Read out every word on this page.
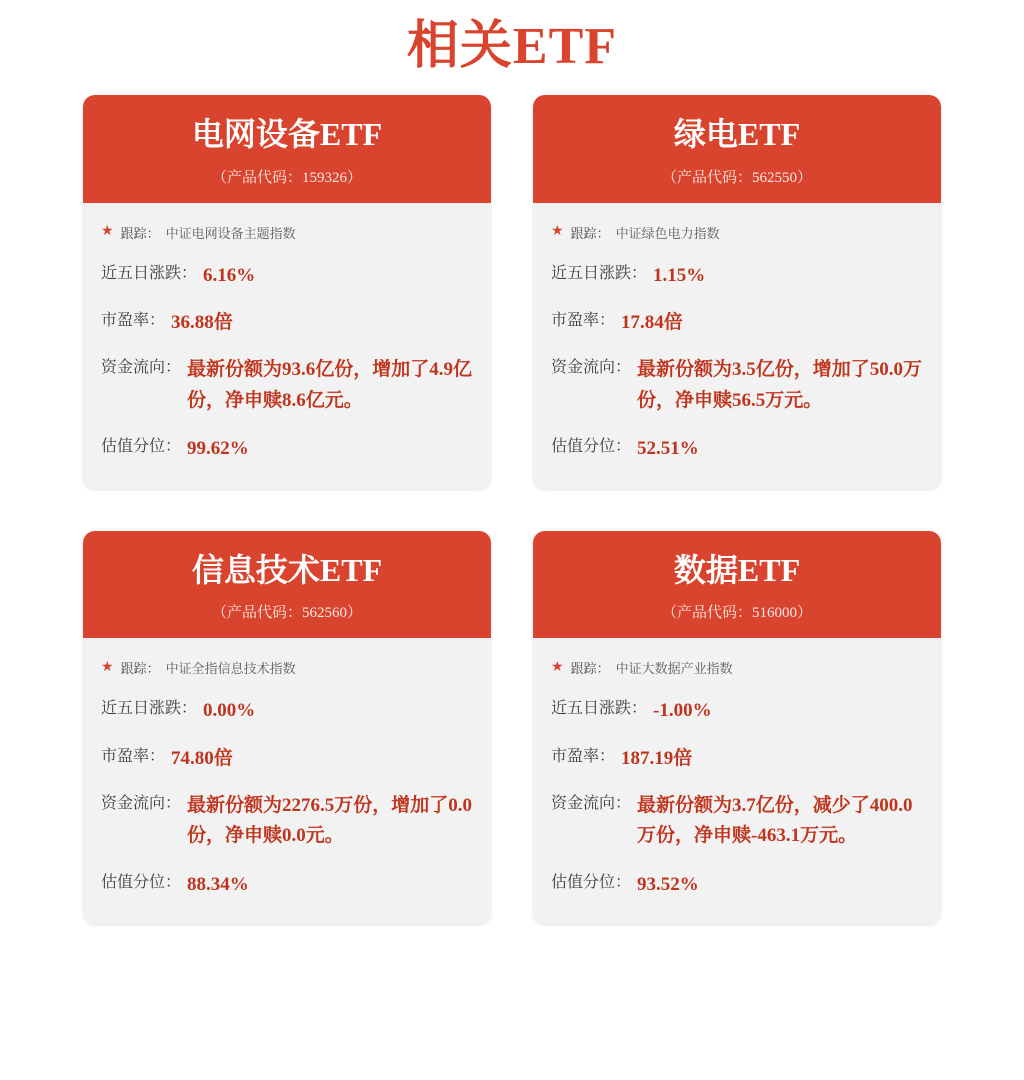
相关ETF
电网设备ETF
（产品代码：159326）
★ 跟踪： 中证电网设备主题指数
近五日涨跌： 6.16%
市盈率： 36.88倍
资金流向： 最新份额为93.6亿份，增加了4.9亿份，净申赎8.6亿元。
估值分位： 99.62%
绿电ETF
（产品代码：562550）
★ 跟踪： 中证绿色电力指数
近五日涨跌： 1.15%
市盈率： 17.84倍
资金流向： 最新份额为3.5亿份，增加了50.0万份，净申赎56.5万元。
估值分位： 52.51%
信息技术ETF
（产品代码：562560）
★ 跟踪： 中证全指信息技术指数
近五日涨跌： 0.00%
市盈率： 74.80倍
资金流向： 最新份额为2276.5万份，增加了0.0份，净申赎0.0元。
估值分位： 88.34%
数据ETF
（产品代码：516000）
★ 跟踪： 中证大数据产业指数
近五日涨跌： -1.00%
市盈率： 187.19倍
资金流向： 最新份额为3.7亿份，减少了400.0万份，净申赎-463.1万元。
估值分位： 93.52%
